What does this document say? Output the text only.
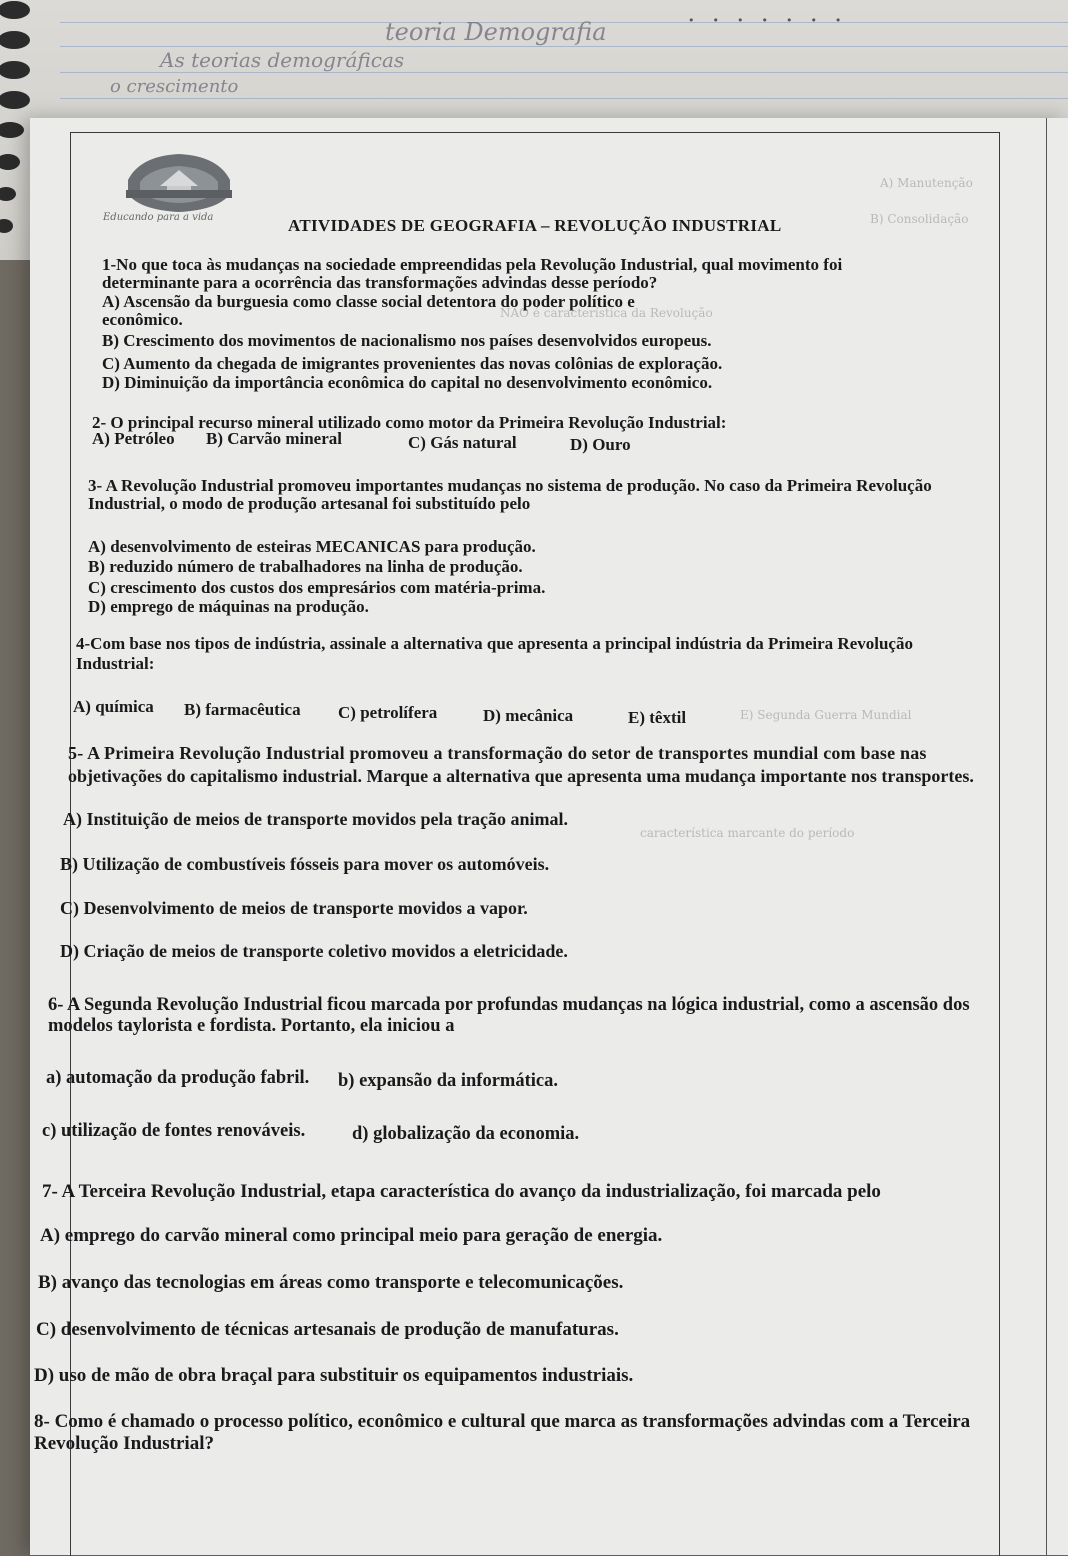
•••••••
teoria Demografia
As teorias demográficas
o crescimento
Educando para a vida	ATIVIDADES DE GEOGRAFIA – REVOLUÇÃO INDUSTRIAL
A) Manutenção
B) Consolidação
NÃO é característica da Revolução
E) Segunda Guerra Mundial
característica marcante do período
1-No que toca às mudanças na sociedade empreendidas pela Revolução Industrial, qual movimento foi
determinante para a ocorrência das transformações advindas desse período?
A) Ascensão da burguesia como classe social detentora do poder político e
econômico.
B) Crescimento dos movimentos de nacionalismo nos países desenvolvidos europeus.
C) Aumento da chegada de imigrantes provenientes das novas colônias de exploração.
D) Diminuição da importância econômica do capital no desenvolvimento econômico.
2- O principal recurso mineral utilizado como motor da Primeira Revolução Industrial:
A) Petróleo B) Carvão mineral	C) Gás natural	D) Ouro
3- A Revolução Industrial promoveu importantes mudanças no sistema de produção. No caso da Primeira Revolução
Industrial, o modo de produção artesanal foi substituído pelo
A) desenvolvimento de esteiras MECANICAS para produção.
B) reduzido número de trabalhadores na linha de produção.
C) crescimento dos custos dos empresários com matéria-prima.
D) emprego de máquinas na produção.
4-Com base nos tipos de indústria, assinale a alternativa que apresenta a principal indústria da Primeira Revolução
Industrial:
A) química B) farmacêutica C) petrolífera	D) mecânica	E) têxtil
5- A Primeira Revolução Industrial promoveu a transformação do setor de transportes mundial com base nas
objetivações do capitalismo industrial. Marque a alternativa que apresenta uma mudança importante nos transportes.
A) Instituição de meios de transporte movidos pela tração animal.
B) Utilização de combustíveis fósseis para mover os automóveis.
C) Desenvolvimento de meios de transporte movidos a vapor.
D) Criação de meios de transporte coletivo movidos a eletricidade.
6- A Segunda Revolução Industrial ficou marcada por profundas mudanças na lógica industrial, como a ascensão dos
modelos taylorista e fordista. Portanto, ela iniciou a
a) automação da produção fabril. b) expansão da informática.
c) utilização de fontes renováveis.	d) globalização da economia.
7- A Terceira Revolução Industrial, etapa característica do avanço da industrialização, foi marcada pelo
A) emprego do carvão mineral como principal meio para geração de energia.
B) avanço das tecnologias em áreas como transporte e telecomunicações.
C) desenvolvimento de técnicas artesanais de produção de manufaturas.
D) uso de mão de obra braçal para substituir os equipamentos industriais.
8- Como é chamado o processo político, econômico e cultural que marca as transformações advindas com a Terceira
Revolução Industrial?
